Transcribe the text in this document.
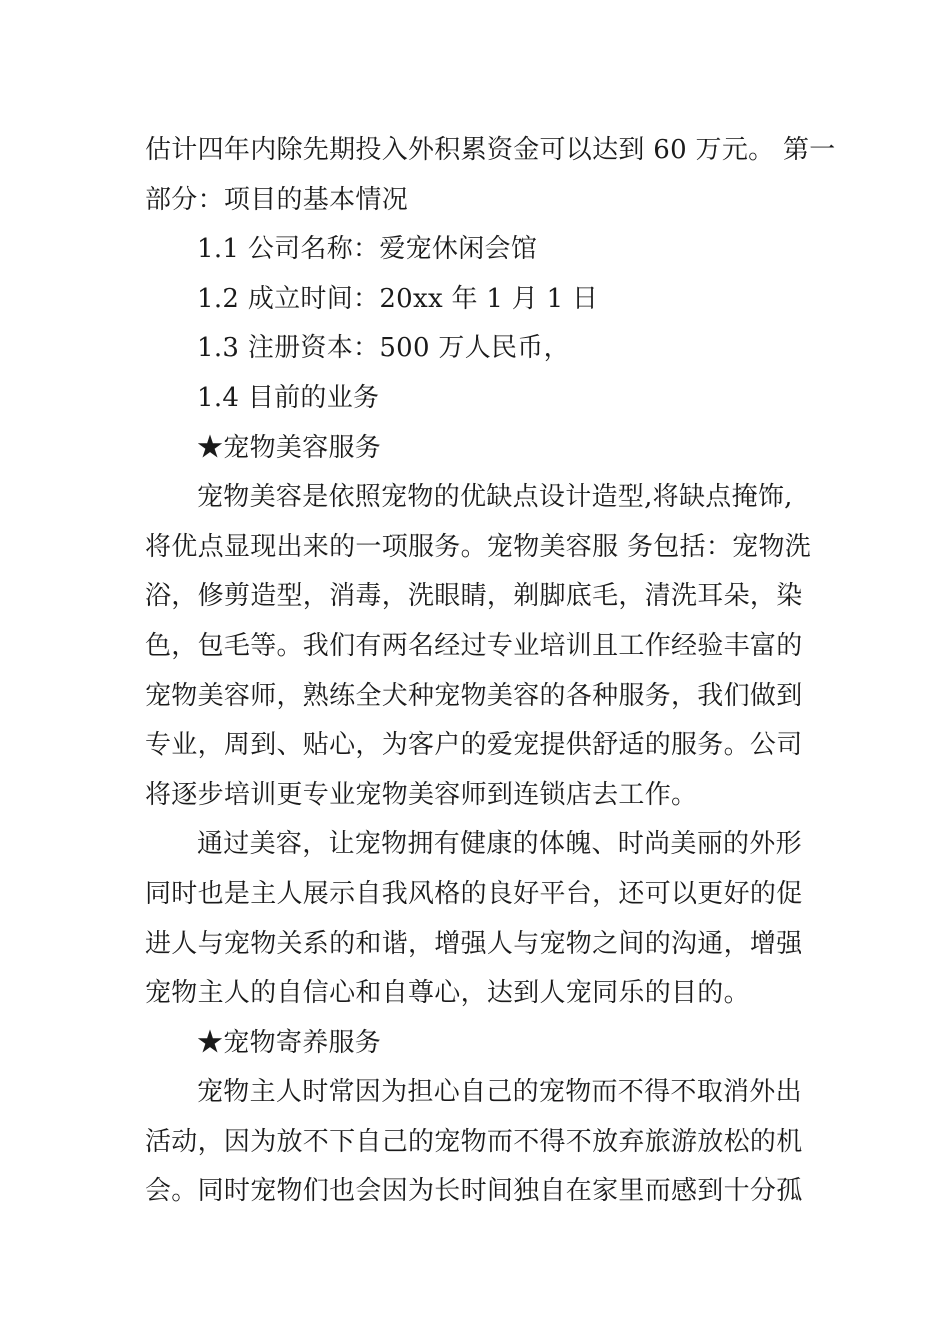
估计四年内除先期投入外积累资金可以达到 60 万元。 第一
部分：项目的基本情况
1.1 公司名称：爱宠休闲会馆
1.2 成立时间：20xx 年 1 月 1 日
1.3 注册资本：500 万人民币，
1.4 目前的业务
★宠物美容服务
宠物美容是依照宠物的优缺点设计造型,将缺点掩饰,
将优点显现出来的一项服务。宠物美容服 务包括：宠物洗
浴，修剪造型，消毒，洗眼睛，剃脚底毛，清洗耳朵，染
色，包毛等。我们有两名经过专业培训且工作经验丰富的
宠物美容师，熟练全犬种宠物美容的各种服务，我们做到
专业，周到、贴心，为客户的爱宠提供舒适的服务。公司
将逐步培训更专业宠物美容师到连锁店去工作。
通过美容，让宠物拥有健康的体魄、时尚美丽的外形
同时也是主人展示自我风格的良好平台，还可以更好的促
进人与宠物关系的和谐，增强人与宠物之间的沟通，增强
宠物主人的自信心和自尊心，达到人宠同乐的目的。
★宠物寄养服务
宠物主人时常因为担心自己的宠物而不得不取消外出
活动，因为放不下自己的宠物而不得不放弃旅游放松的机
会。同时宠物们也会因为长时间独自在家里而感到十分孤
